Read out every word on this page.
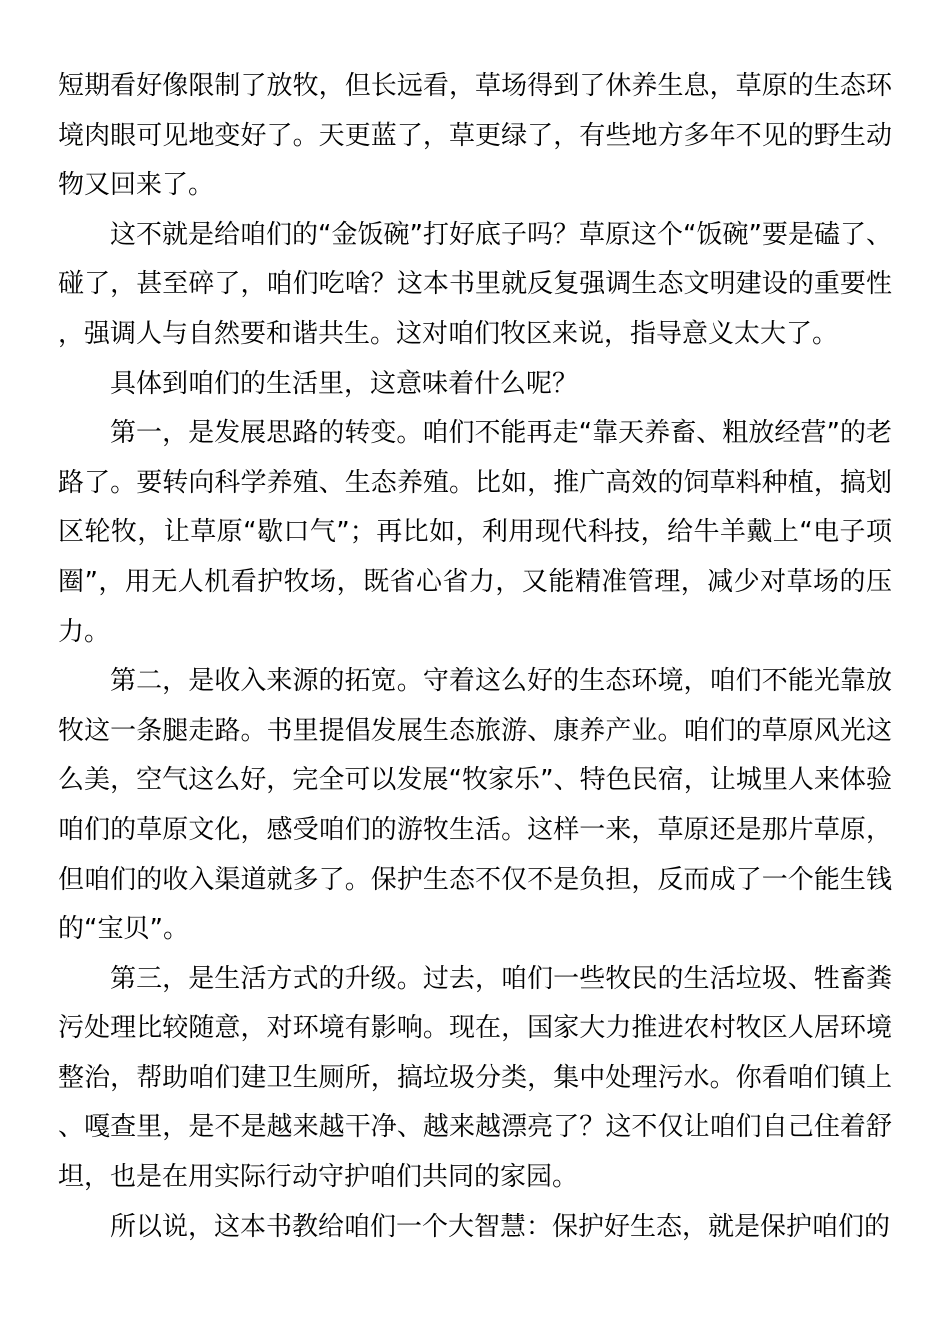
短期看好像限制了放牧，但长远看，草场得到了休养生息，草原的生态环境肉眼可见地变好了。天更蓝了，草更绿了，有些地方多年不见的野生动物又回来了。

这不就是给咱们的“金饭碗”打好底子吗？草原这个“饭碗”要是磕了、碰了，甚至碎了，咱们吃啥？这本书里就反复强调生态文明建设的重要性，强调人与自然要和谐共生。这对咱们牧区来说，指导意义太大了。

具体到咱们的生活里，这意味着什么呢？

第一，是发展思路的转变。咱们不能再走“靠天养畜、粗放经营”的老路了。要转向科学养殖、生态养殖。比如，推广高效的饲草料种植，搞划区轮牧，让草原“歇口气”；再比如，利用现代科技，给牛羊戴上“电子项圈”，用无人机看护牧场，既省心省力，又能精准管理，减少对草场的压力。

第二，是收入来源的拓宽。守着这么好的生态环境，咱们不能光靠放牧这一条腿走路。书里提倡发展生态旅游、康养产业。咱们的草原风光这么美，空气这么好，完全可以发展“牧家乐”、特色民宿，让城里人来体验咱们的草原文化，感受咱们的游牧生活。这样一来，草原还是那片草原，但咱们的收入渠道就多了。保护生态不仅不是负担，反而成了一个能生钱的“宝贝”。

第三，是生活方式的升级。过去，咱们一些牧民的生活垃圾、牲畜粪污处理比较随意，对环境有影响。现在，国家大力推进农村牧区人居环境整治，帮助咱们建卫生厕所，搞垃圾分类，集中处理污水。你看咱们镇上、嘎查里，是不是越来越干净、越来越漂亮了？这不仅让咱们自己住着舒坦，也是在用实际行动守护咱们共同的家园。

所以说，这本书教给咱们一个大智慧：保护好生态，就是保护咱们的
